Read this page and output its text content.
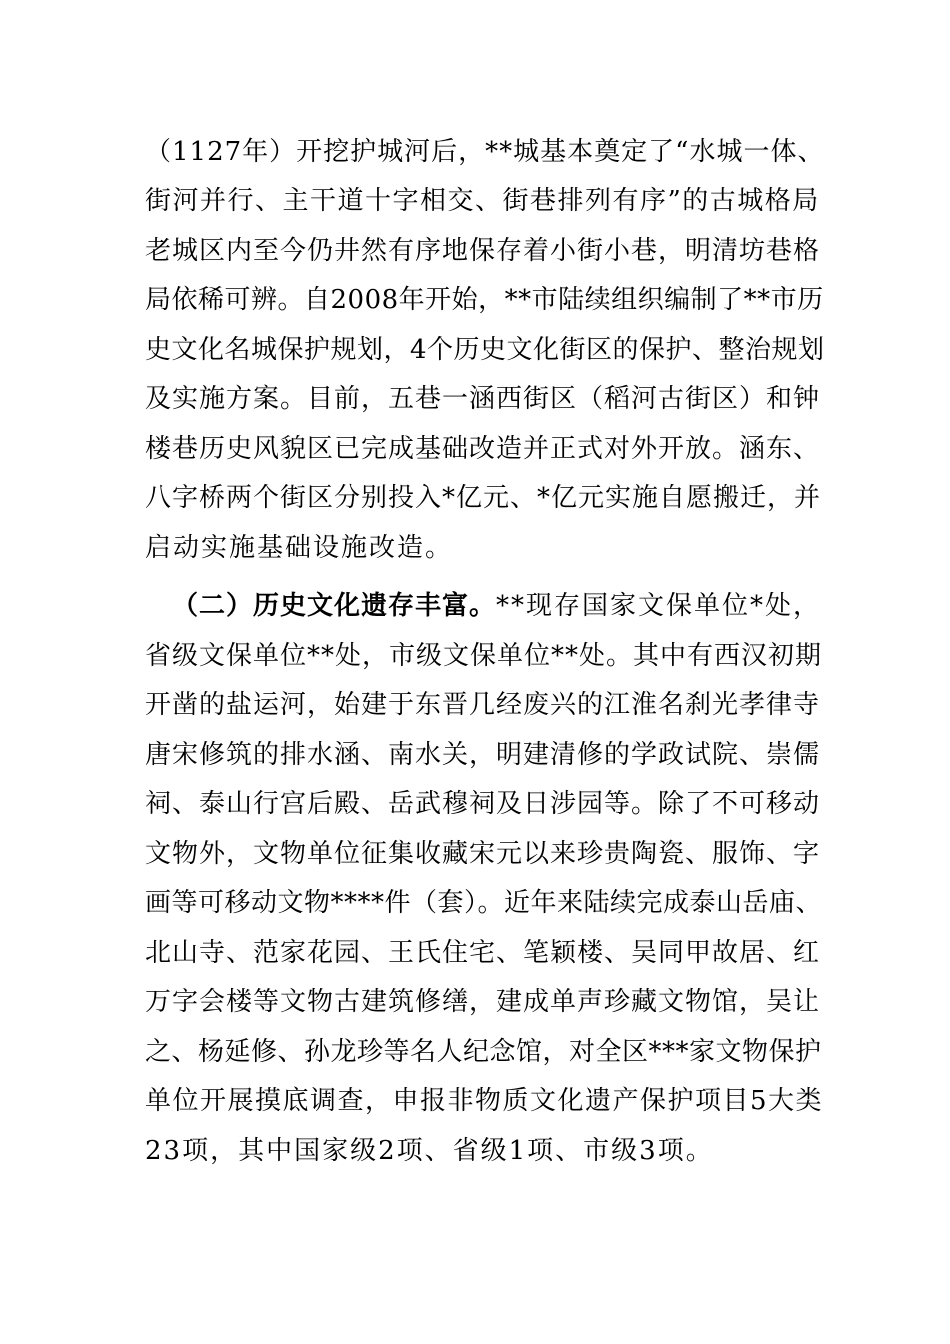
（1127年）开挖护城河后，**城基本奠定了“水城一体、
街河并行、主干道十字相交、街巷排列有序”的古城格局
老城区内至今仍井然有序地保存着小街小巷，明清坊巷格
局依稀可辨。自2008年开始，**市陆续组织编制了**市历
史文化名城保护规划，4个历史文化街区的保护、整治规划
及实施方案。目前，五巷一涵西街区（稻河古街区）和钟
楼巷历史风貌区已完成基础改造并正式对外开放。涵东、
八字桥两个街区分别投入*亿元、*亿元实施自愿搬迁，并
启动实施基础设施改造。
（二）历史文化遗存丰富。**现存国家文保单位*处，
省级文保单位**处，市级文保单位**处。其中有西汉初期
开凿的盐运河，始建于东晋几经废兴的江淮名刹光孝律寺
唐宋修筑的排水涵、南水关，明建清修的学政试院、崇儒
祠、泰山行宫后殿、岳武穆祠及日涉园等。除了不可移动
文物外，文物单位征集收藏宋元以来珍贵陶瓷、服饰、字
画等可移动文物****件（套）。近年来陆续完成泰山岳庙、
北山寺、范家花园、王氏住宅、笔颖楼、吴同甲故居、红
万字会楼等文物古建筑修缮，建成单声珍藏文物馆，吴让
之、杨延修、孙龙珍等名人纪念馆，对全区***家文物保护
单位开展摸底调查，申报非物质文化遗产保护项目5大类
23项，其中国家级2项、省级1项、市级3项。
